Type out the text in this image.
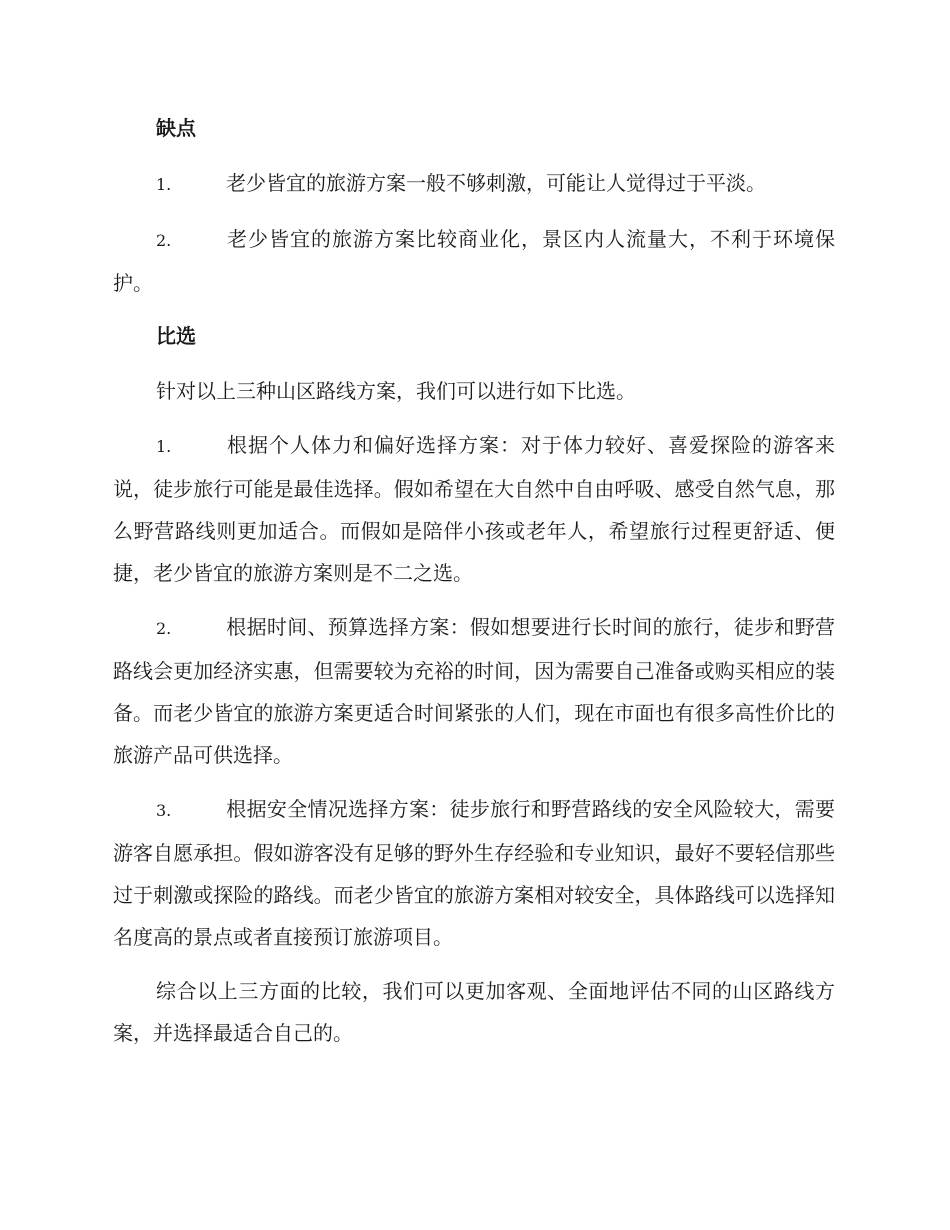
缺点
1.	老少皆宜的旅游方案一般不够刺激，可能让人觉得过于平淡。
2.	老少皆宜的旅游方案比较商业化，景区内人流量大，不利于环境保护。
比选
针对以上三种山区路线方案，我们可以进行如下比选。
1.	根据个人体力和偏好选择方案：对于体力较好、喜爱探险的游客来说，徒步旅行可能是最佳选择。假如希望在大自然中自由呼吸、感受自然气息，那么野营路线则更加适合。而假如是陪伴小孩或老年人，希望旅行过程更舒适、便捷，老少皆宜的旅游方案则是不二之选。
2.	根据时间、预算选择方案：假如想要进行长时间的旅行，徒步和野营路线会更加经济实惠，但需要较为充裕的时间，因为需要自己准备或购买相应的装备。而老少皆宜的旅游方案更适合时间紧张的人们，现在市面也有很多高性价比的旅游产品可供选择。
3.	根据安全情况选择方案：徒步旅行和野营路线的安全风险较大，需要游客自愿承担。假如游客没有足够的野外生存经验和专业知识，最好不要轻信那些过于刺激或探险的路线。而老少皆宜的旅游方案相对较安全，具体路线可以选择知名度高的景点或者直接预订旅游项目。
综合以上三方面的比较，我们可以更加客观、全面地评估不同的山区路线方案，并选择最适合自己的。
